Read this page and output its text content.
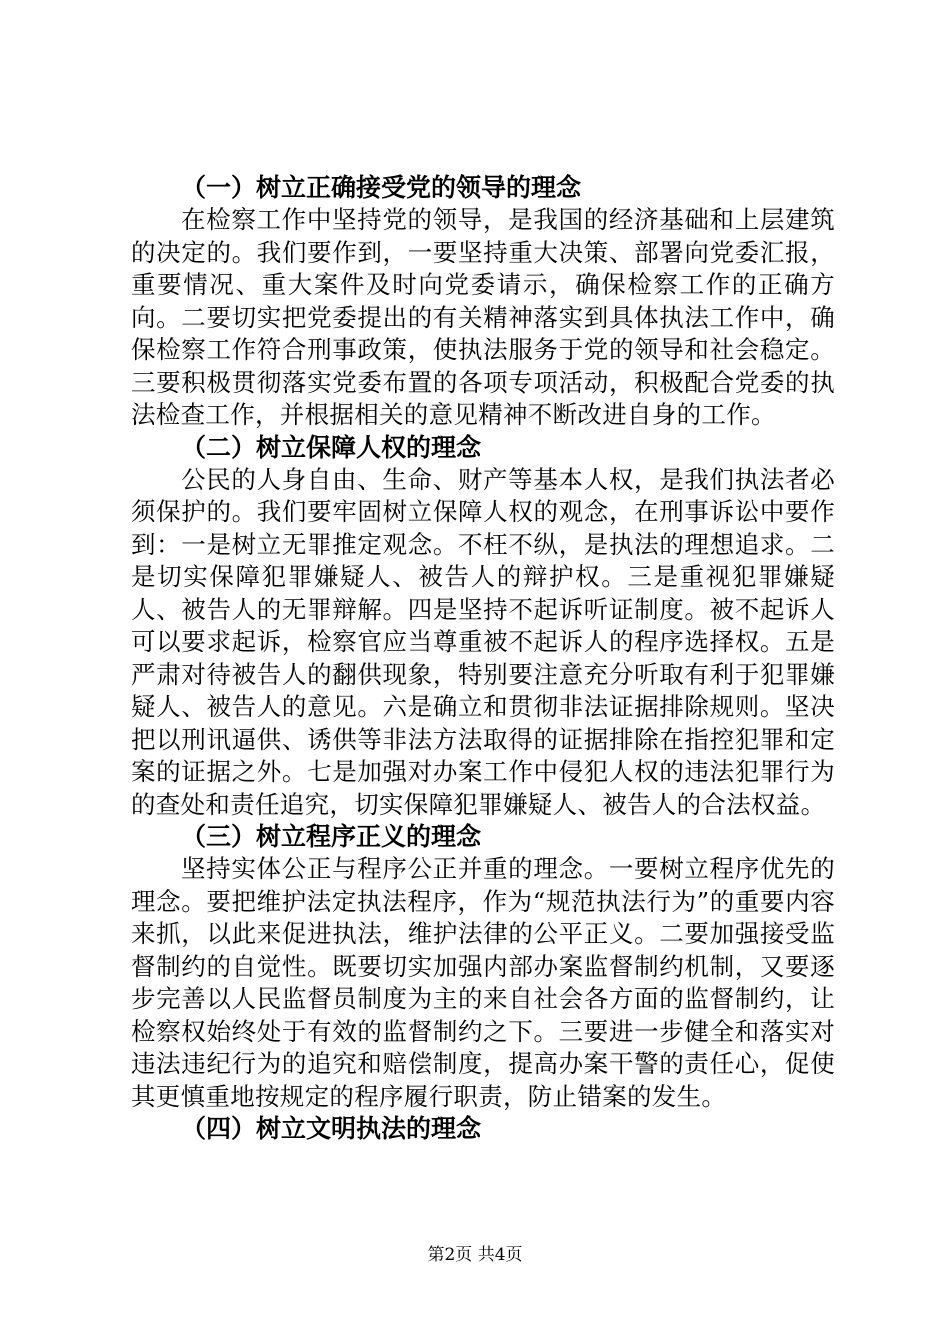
（一）树立正确接受党的领导的理念

在检察工作中坚持党的领导，是我国的经济基础和上层建筑的决定的。我们要作到，一要坚持重大决策、部署向党委汇报，重要情况、重大案件及时向党委请示，确保检察工作的正确方向。二要切实把党委提出的有关精神落实到具体执法工作中，确保检察工作符合刑事政策，使执法服务于党的领导和社会稳定。三要积极贯彻落实党委布置的各项专项活动，积极配合党委的执法检查工作，并根据相关的意见精神不断改进自身的工作。

（二）树立保障人权的理念

公民的人身自由、生命、财产等基本人权，是我们执法者必须保护的。我们要牢固树立保障人权的观念，在刑事诉讼中要作到：一是树立无罪推定观念。不枉不纵，是执法的理想追求。二是切实保障犯罪嫌疑人、被告人的辩护权。三是重视犯罪嫌疑人、被告人的无罪辩解。四是坚持不起诉听证制度。被不起诉人可以要求起诉，检察官应当尊重被不起诉人的程序选择权。五是严肃对待被告人的翻供现象，特别要注意充分听取有利于犯罪嫌疑人、被告人的意见。六是确立和贯彻非法证据排除规则。坚决把以刑讯逼供、诱供等非法方法取得的证据排除在指控犯罪和定案的证据之外。七是加强对办案工作中侵犯人权的违法犯罪行为的查处和责任追究，切实保障犯罪嫌疑人、被告人的合法权益。

（三）树立程序正义的理念

坚持实体公正与程序公正并重的理念。一要树立程序优先的理念。要把维护法定执法程序，作为“规范执法行为”的重要内容来抓，以此来促进执法，维护法律的公平正义。二要加强接受监督制约的自觉性。既要切实加强内部办案监督制约机制，又要逐步完善以人民监督员制度为主的来自社会各方面的监督制约，让检察权始终处于有效的监督制约之下。三要进一步健全和落实对违法违纪行为的追究和赔偿制度，提高办案干警的责任心，促使其更慎重地按规定的程序履行职责，防止错案的发生。

（四）树立文明执法的理念

第2页 共4页
